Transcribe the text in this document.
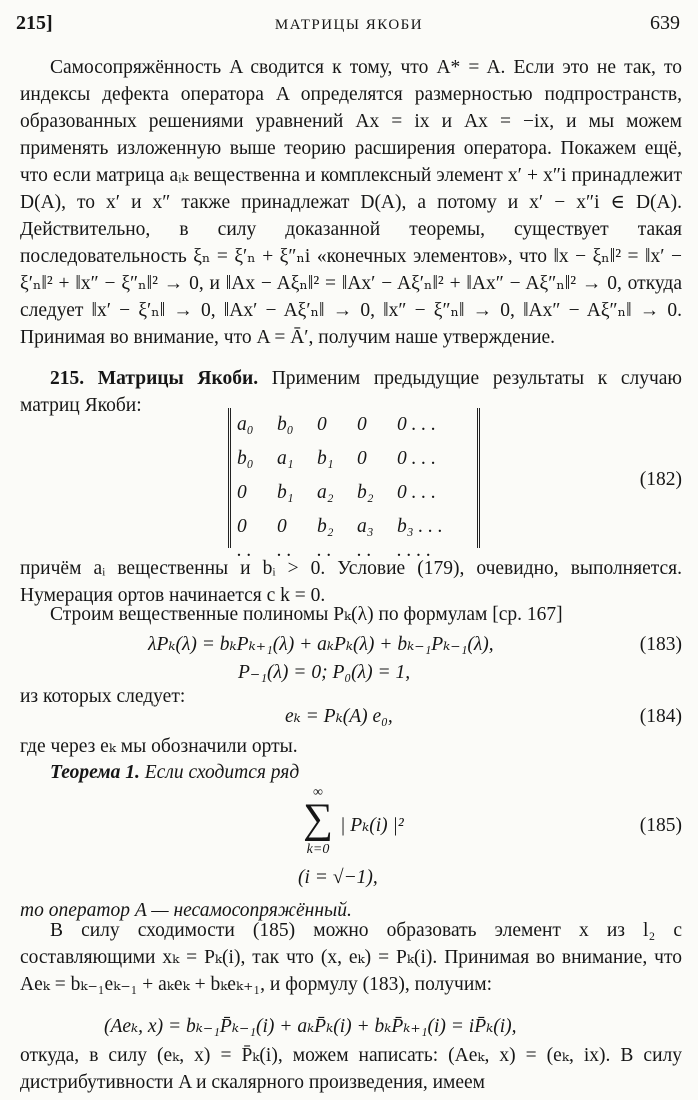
215]	МАТРИЦЫ ЯКОБИ	639

Самосопряжённость A сводится к тому, что A* = A. Если это не так, то индексы дефекта оператора A определятся размерностью подпространств, образованных решениями уравнений Ax = ix и Ax = −ix, и мы можем применять изложенную выше теорию расширения оператора. Покажем ещё, что если матрица aᵢₖ вещественна и комплексный элемент x′ + x″i принадлежит D(A), то x′ и x″ также принадлежат D(A), а потому и x′ − x″i ∈ D(A). Действительно, в силу доказанной теоремы, существует такая последовательность ξₙ = ξ′ₙ + ξ″ₙi «конечных элементов», что ‖x − ξₙ‖² = ‖x′ − ξ′ₙ‖² + ‖x″ − ξ″ₙ‖² → 0, и ‖Ax − Aξₙ‖² = ‖Ax′ − Aξ′ₙ‖² + ‖Ax″ − Aξ″ₙ‖² → 0, откуда следует ‖x′ − ξ′ₙ‖ → 0, ‖Ax′ − Aξ′ₙ‖ → 0, ‖x″ − ξ″ₙ‖ → 0, ‖Ax″ − Aξ″ₙ‖ → 0. Принимая во внимание, что A = Ā′, получим наше утверждение.

215. Матрицы Якоби. Применим предыдущие результаты к случаю матриц Якоби:

a₀ b₀ 0 0 0 . . .
b₀ a₁ b₁ 0 0 . . .
0 b₁ a₂ b₂ 0 . . .
0 0 b₂ a₃ b₃ . . .
. . . . . . . . . . . .
(182)

причём aᵢ вещественны и bᵢ > 0. Условие (179), очевидно, выполняется. Нумерация ортов начинается с k = 0.

Строим вещественные полиномы Pₖ(λ) по формулам [ср. 167]

λPₖ(λ) = bₖPₖ₊₁(λ) + aₖPₖ(λ) + bₖ₋₁Pₖ₋₁(λ),	(183)
P₋₁(λ) = 0; P₀(λ) = 1,

из которых следует:

eₖ = Pₖ(A) e₀,	(184)

где через eₖ мы обозначили орты.

Теорема 1. Если сходится ряд

∞
∑
k=0
| Pₖ(i) |²	(185)
(i = √−1),

то оператор A — несамосопряжённый.

В силу сходимости (185) можно образовать элемент x из l₂ с составляющими xₖ = Pₖ(i), так что (x, eₖ) = Pₖ(i). Принимая во внимание, что Aeₖ = bₖ₋₁eₖ₋₁ + aₖeₖ + bₖeₖ₊₁, и формулу (183), получим:

(Aeₖ, x) = bₖ₋₁P̄ₖ₋₁(i) + aₖP̄ₖ(i) + bₖP̄ₖ₊₁(i) = iP̄ₖ(i),

откуда, в силу (eₖ, x) = P̄ₖ(i), можем написать: (Aeₖ, x) = (eₖ, ix). В силу дистрибутивности A и скалярного произведения, имеем
